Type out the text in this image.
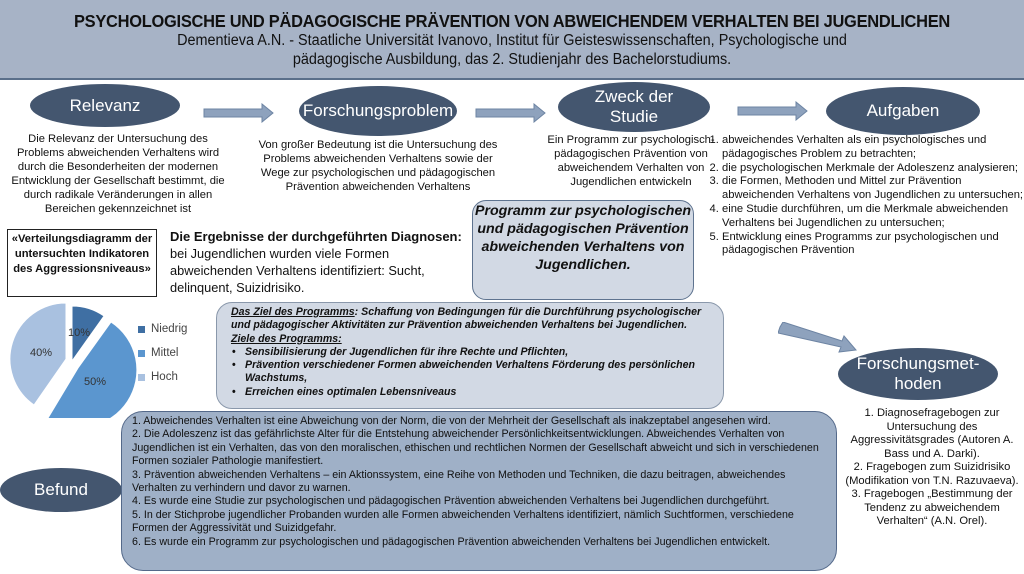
PSYCHOLOGISCHE UND PÄDAGOGISCHE PRÄVENTION VON ABWEICHENDEM VERHALTEN BEI JUGENDLICHEN
Dementieva A.N. - Staatliche Universität Ivanovo, Institut für Geisteswissenschaften, Psychologische und
pädagogische Ausbildung, das 2. Studienjahr des Bachelorstudiums.
Relevanz	Forschungsproblem
Zweck der
Studie	Aufgaben
Forschungsmet-
hoden
Befund
Die Relevanz der Untersuchung des Problems abweichenden Verhaltens wird durch die Besonderheiten der modernen Entwicklung der Gesellschaft bestimmt, die durch radikale Veränderungen in allen Bereichen gekennzeichnet ist
Von großer Bedeutung ist die Untersuchung des Problems abweichenden Verhaltens sowie der Wege zur psychologischen und pädagogischen Prävention abweichenden Verhaltens
Ein Programm zur psychologisch-pädagogischen Prävention von abweichendem Verhalten von Jugendlichen entwickeln
1. abweichendes Verhalten als ein psychologisches und pädagogisches Problem zu betrachten;
2. die psychologischen Merkmale der Adoleszenz analysieren;
3. die Formen, Methoden und Mittel zur Prävention abweichenden Verhaltens von Jugendlichen zu untersuchen;
4. eine Studie durchführen, um die Merkmale abweichenden Verhaltens bei Jugendlichen zu untersuchen;
5. Entwicklung eines Programms zur psychologischen und pädagogischen Prävention
«Verteilungsdiagramm der untersuchten Indikatoren des Aggressionsniveaus»
Die Ergebnisse der durchgeführten Diagnosen:
bei Jugendlichen wurden viele Formen abweichenden Verhaltens identifiziert: Sucht, delinquent, Suizidrisiko.
Programm zur psychologischen und pädagogischen Prävention abweichenden Verhaltens von Jugendlichen.
10%
50%
40%
Niedrig
Mittel
Hoch
Das Ziel des Programms: Schaffung von Bedingungen für die Durchführung psychologischer und pädagogischer Aktivitäten zur Prävention abweichenden Verhaltens bei Jugendlichen.
Ziele des Programms:
• Sensibilisierung der Jugendlichen für ihre Rechte und Pflichten,
• Prävention verschiedener Formen abweichenden Verhaltens Förderung des persönlichen Wachstums,
• Erreichen eines optimalen Lebensniveaus

1. Abweichendes Verhalten ist eine Abweichung von der Norm, die von der Mehrheit der Gesellschaft als inakzeptabel angesehen wird.

2. Die Adoleszenz ist das gefährlichste Alter für die Entstehung abweichender Persönlichkeitsentwicklungen. Abweichendes Verhalten von Jugendlichen ist ein Verhalten, das von den moralischen, ethischen und rechtlichen Normen der Gesellschaft abweicht und sich in verschiedenen Formen sozialer Pathologie manifestiert.

3. Prävention abweichenden Verhaltens – ein Aktionssystem, eine Reihe von Methoden und Techniken, die dazu beitragen, abweichendes Verhalten zu verhindern und davor zu warnen.

4. Es wurde eine Studie zur psychologischen und pädagogischen Prävention abweichenden Verhaltens bei Jugendlichen durchgeführt.

5. In der Stichprobe jugendlicher Probanden wurden alle Formen abweichenden Verhaltens identifiziert, nämlich Suchtformen, verschiedene Formen der Aggressivität und Suizidgefahr.

6. Es wurde ein Programm zur psychologischen und pädagogischen Prävention abweichenden Verhaltens bei Jugendlichen entwickelt.

1. Diagnosefragebogen zur Untersuchung des Aggressivitätsgrades (Autoren A. Bass und A. Darki).
2. Fragebogen zum Suizidrisiko (Modifikation von T.N. Razuvaeva).
3. Fragebogen „Bestimmung der Tendenz zu abweichendem Verhalten“ (A.N. Orel).
